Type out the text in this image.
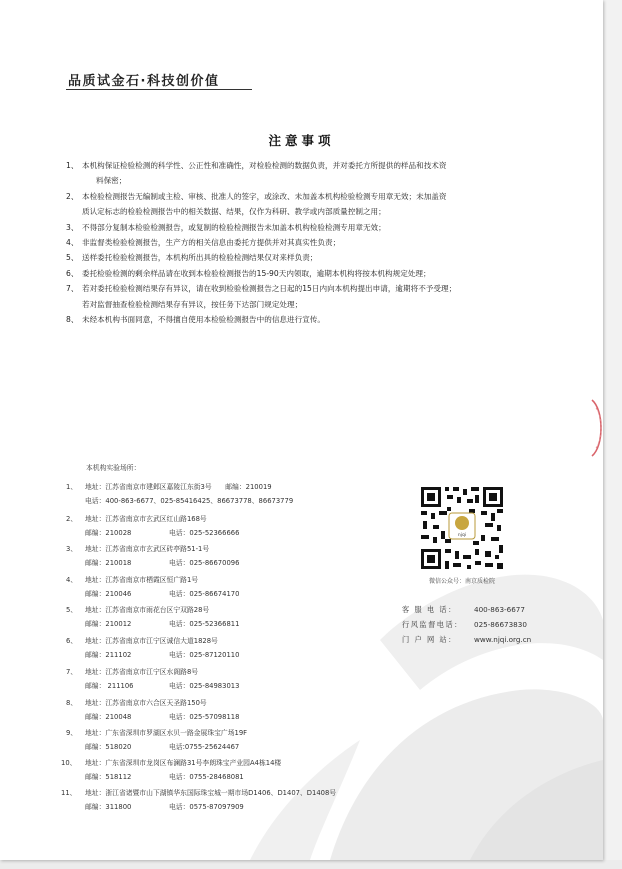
品质试金石·科技创价值
注意事项
1、 本机构保证检验检测的科学性、公正性和准确性，对检验检测的数据负责，并对委托方所提供的样品和技术资
料保密；
2、 本检验检测报告无编制或主检、审核、批准人的签字，或涂改、未加盖本机构检验检测专用章无效；未加盖资
质认定标志的检验检测报告中的相关数据、结果，仅作为科研、教学或内部质量控制之用；
3、 不得部分复制本检验检测报告，或复制的检验检测报告未加盖本机构检验检测专用章无效；
4、 非监督类检验检测报告，生产方的相关信息由委托方提供并对其真实性负责；
5、 送样委托检验检测报告，本机构所出具的检验检测结果仅对来样负责；
6、 委托检验检测的剩余样品请在收到本检验检测报告的15-90天内领取，逾期本机构将按本机构规定处理；
7、 若对委托检验检测结果存有异议，请在收到检验检测报告之日起的15日内向本机构提出申请，逾期将不予受理；
若对监督抽查检验检测结果存有异议，按任务下达部门规定处理；
8、 未经本机构书面同意，不得擅自使用本检验检测报告中的信息进行宣传。
本机构实验场所：
1、 地址：江苏省南京市建邺区嘉陵江东街3号　　邮编：210019
电话：400-863-6677、025-85416425、86673778、86673779
2、 地址：江苏省南京市玄武区红山路168号
邮编：210028	电话：025-52366666
3、 地址：江苏省南京市玄武区砖亭路51-1号
邮编：210018	电话：025-86670096
4、 地址：江苏省南京市栖霞区恒广路1号
邮编：210046	电话：025-86674170
5、 地址：江苏省南京市雨花台区宁双路28号
邮编：210012	电话：025-52366811
6、 地址：江苏省南京市江宁区诚信大道1828号
邮编：211102	电话：025-87120110
7、 地址：江苏省南京市江宁区水阁路8号
邮编： 211106	电话：025-84983013
8、 地址：江苏省南京市六合区天圣路150号
邮编：210048	电话：025-57098118
9、 地址：广东省深圳市罗湖区水贝一路金展珠宝广场19F
邮编：518020	电话:0755-25624467
10、 地址：广东省深圳市龙岗区布澜路31号李朗珠宝产业园A4栋14楼
邮编：518112	电话：0755-28468081
11、 地址：浙江省诸暨市山下湖镇华东国际珠宝城一期市场D1406、D1407、D1408号
邮编：311800	电话：0575-87097909
njqi
微信公众号：南京质检院
客 服 电 话： 400-863-6677
行风监督电话： 025-86673830
门 户 网 站： www.njqi.org.cn
